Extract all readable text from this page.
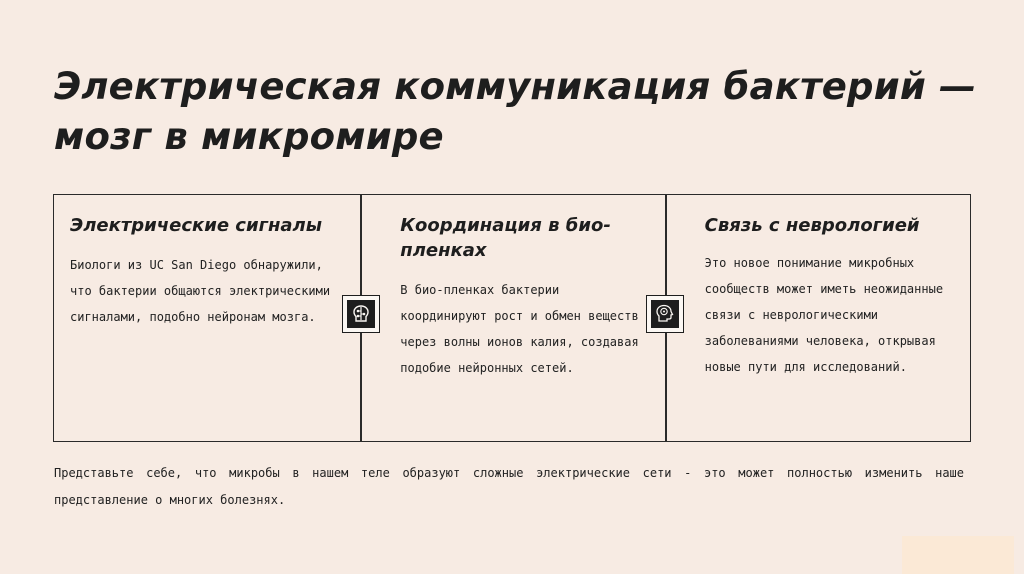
Электрическая коммуникация бактерий — мозг в микромире
Электрические сигналы

Биологи из UC San Diego обнаружили, что бактерии общаются электрическими сигналами, подобно нейронам мозга.

Координация в био-пленках

В био-пленках бактерии координируют рост и обмен веществ через волны ионов калия, создавая подобие нейронных сетей.

Связь с неврологией

Это новое понимание микробных сообществ может иметь неожиданные связи с неврологическими заболеваниями человека, открывая новые пути для исследований.

Представьте себе, что микробы в нашем теле образуют сложные электрические сети - это может полностью изменить наше представление о многих болезнях.
